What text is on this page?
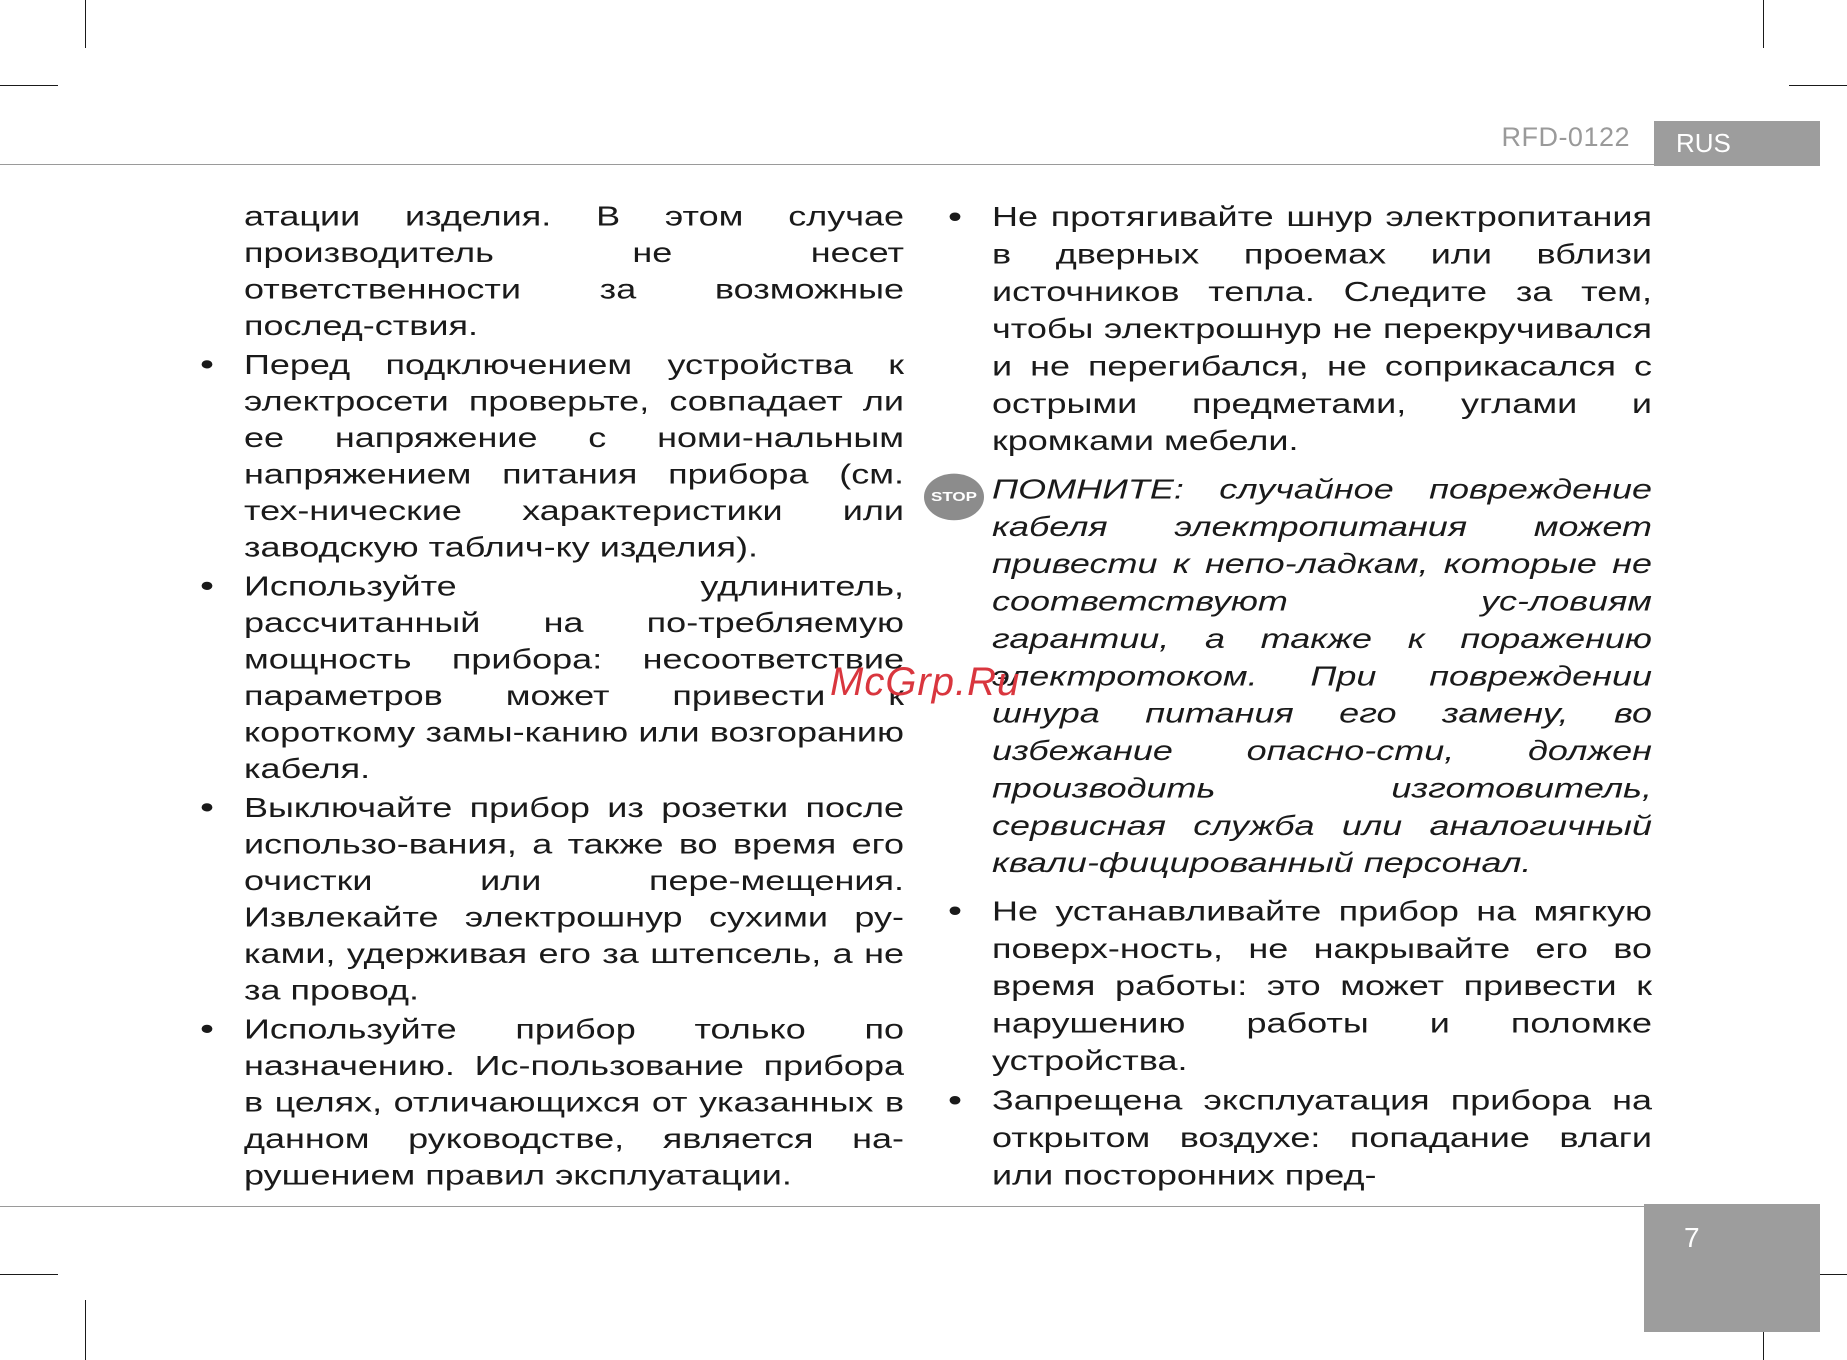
RFD-0122	RUS

атации изделия. В этом случае производитель не несет ответственности за возможные послед-ствия.

• Перед подключением устройства к электросети проверьте, совпадает ли ее напряжение с номи-нальным напряжением питания прибора (см. тех-нические характеристики или заводскую таблич-ку изделия).

• Используйте удлинитель, рассчитанный на по-требляемую мощность прибора: несоответствие параметров может привести к короткому замы-канию или возгоранию кабеля.

• Выключайте прибор из розетки после использо-вания, а также во время его очистки или пере-мещения. Извлекайте электрошнур сухими ру-ками, удерживая его за штепсель, а не за провод.

• Используйте прибор только по назначению. Ис-пользование прибора в целях, отличающихся от указанных в данном руководстве, является на-рушением правил эксплуатации.

• Не протягивайте шнур электропитания в дверных проемах или вблизи источников тепла. Следите за тем, чтобы электрошнур не перекручивался и не перегибался, не соприкасался с острыми предметами, углами и кромками мебели.

STOP ПОМНИТЕ: случайное повреждение кабеля электропитания может привести к непо-ладкам, которые не соответствуют ус-ловиям гарантии, а также к поражению электротоком. При повреждении шнура питания его замену, во избежание опасно-сти, должен производить изготовитель, сервисная служба или аналогичный квали-фицированный персонал.

• Не устанавливайте прибор на мягкую поверх-ность, не накрывайте его во время работы: это может привести к нарушению работы и поломке устройства.

• Запрещена эксплуатация прибора на открытом воздухе: попадание влаги или посторонних пред-

McGrp.Ru
7
